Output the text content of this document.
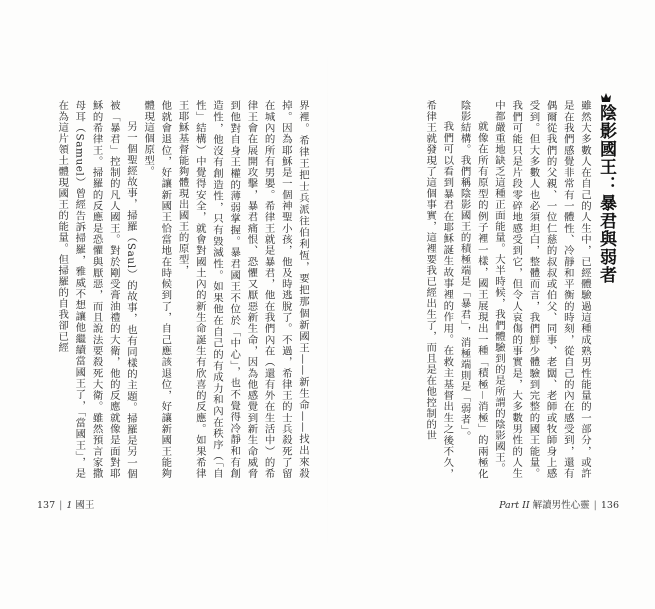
陰影國王：暴君與弱者

雖然大多數人在自己的人生中，已經體驗過這種成熟男性能量的一部分，或許是在我們感覺非常有一體性、冷靜和平衡的時刻，從自己的內在感受到，還有偶爾從我們的父親、一位仁慈的叔叔或伯父、同事、老闆、老師或牧師身上感受到。但大多數人也必須坦白，整體而言，我們鮮少體驗到完整的國王能量。我們可能只是片段零碎地感受到它，但令人哀傷的事實是，大多數男性的人生中都嚴重地缺乏這種正面能量。大半時候，我們體驗到的是所謂的陰影國王。

就像在所有原型的例子裡一樣，國王展現出一種「積極－消極」的兩極化陰影結構。我們稱陰影國王的積極端是「暴君」，消極端則是「弱者」。

我們可以看到暴君在耶穌誕生故事裡的作用。在救主基督出生之後不久，希律王就發現了這個事實，這裡要我已經出生了，而且是在他控制的世

Part II 解讀男性心靈 | 136

界裡。希律王把士兵派往伯利恆，要把那個新國王——新生命——找出來殺掉。因為耶穌是一個神聖小孩，他及時逃脫了。不過，希律王的士兵殺死了留在城內的所有男嬰。希律王就是暴君，他在我們內在（還有外在生活中）的希律王會在展開攻擊，暴君痛恨、恐懼又厭惡新生命，因為他感覺到新生命威脅到他對自身王權的薄弱掌握。暴君國王不位於「中心」，也不覺得冷靜和有創造性，他沒有創造性，只有毀滅性。如果他在自己的有成力和內在秩序（「自性」結構）中覺得安全，就會對國土內的新生命誕生有欣喜的反應。如果希律王耶穌基督能夠體現出國王的原型，

他就會退位，好讓新國王恰當地在時候到了，自己應該退位，好讓新國王能夠體現這個原型。

另一個聖經故事，掃羅（Saul）的故事，也有同樣的主題。掃羅是另一個被「暴君」控制的凡人國王。對於剛受膏油禮的大衛，他的反應就像是面對耶穌的希律王。掃羅的反應是恐懼與厭惡，而且說法要殺死大衛。雖然預言家撒母耳（Samuel）曾經告訴掃羅，雅威不想讓他繼續當國王了，「當國王」，是在為這片領土體現國王的能量。但掃羅的自我卻已經

137 | 1 國王
